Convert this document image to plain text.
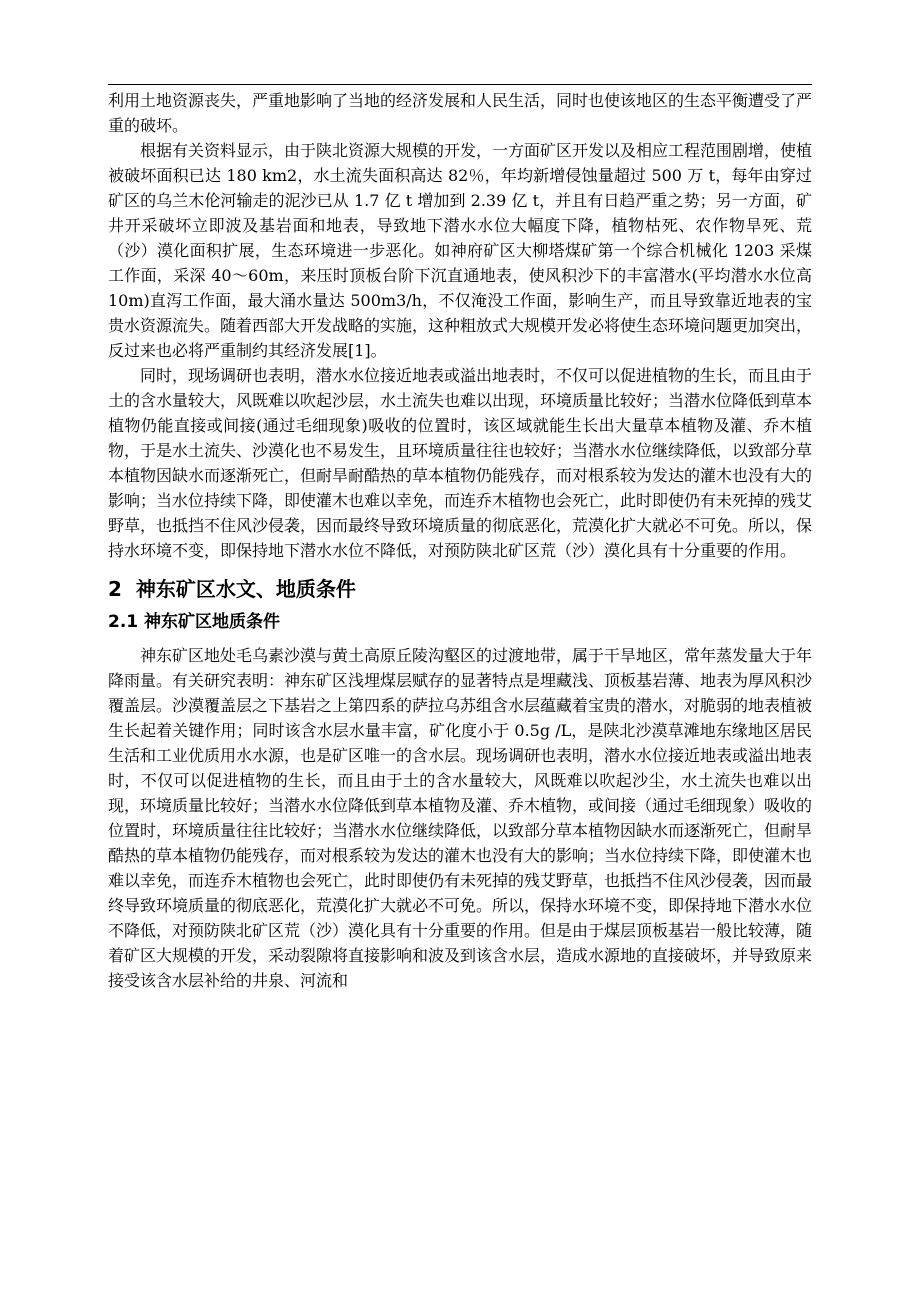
利用土地资源丧失，严重地影响了当地的经济发展和人民生活，同时也使该地区的生态平衡遭受了严重的破坏。

根据有关资料显示，由于陕北资源大规模的开发，一方面矿区开发以及相应工程范围剧增，使植被破坏面积已达 180 km2，水土流失面积高达 82％，年均新增侵蚀量超过 500 万 t，每年由穿过矿区的乌兰木伦河输走的泥沙已从 1.7 亿 t 增加到 2.39 亿 t，并且有日趋严重之势；另一方面，矿井开采破坏立即波及基岩面和地表，导致地下潜水水位大幅度下降，植物枯死、农作物旱死、荒（沙）漠化面积扩展，生态环境进一步恶化。如神府矿区大柳塔煤矿第一个综合机械化 1203 采煤工作面，采深 40～60m，来压时顶板台阶下沉直通地表，使风积沙下的丰富潜水(平均潜水水位高 10m)直泻工作面，最大涌水量达 500m3/h，不仅淹没工作面，影响生产，而且导致靠近地表的宝贵水资源流失。随着西部大开发战略的实施，这种粗放式大规模开发必将使生态环境问题更加突出，反过来也必将严重制约其经济发展[1]。

同时，现场调研也表明，潜水水位接近地表或溢出地表时，不仅可以促进植物的生长，而且由于土的含水量较大，风既难以吹起沙层，水土流失也难以出现，环境质量比较好；当潜水位降低到草本植物仍能直接或间接(通过毛细现象)吸收的位置时，该区域就能生长出大量草本植物及灌、乔木植物，于是水土流失、沙漠化也不易发生，且环境质量往往也较好；当潜水水位继续降低，以致部分草本植物因缺水而逐渐死亡，但耐旱耐酷热的草本植物仍能残存，而对根系较为发达的灌木也没有大的影响；当水位持续下降，即使灌木也难以幸免，而连乔木植物也会死亡，此时即使仍有未死掉的残艾野草，也抵挡不住风沙侵袭，因而最终导致环境质量的彻底恶化，荒漠化扩大就必不可免。所以，保持水环境不变，即保持地下潜水水位不降低，对预防陕北矿区荒（沙）漠化具有十分重要的作用。

2 神东矿区水文、地质条件
2.1 神东矿区地质条件

神东矿区地处毛乌素沙漠与黄土高原丘陵沟壑区的过渡地带，属于干旱地区，常年蒸发量大于年降雨量。有关研究表明：神东矿区浅埋煤层赋存的显著特点是埋藏浅、顶板基岩薄、地表为厚风积沙覆盖层。沙漠覆盖层之下基岩之上第四系的萨拉乌苏组含水层蕴藏着宝贵的潜水，对脆弱的地表植被生长起着关键作用；同时该含水层水量丰富，矿化度小于 0.5g /L，是陕北沙漠草滩地东缘地区居民生活和工业优质用水水源，也是矿区唯一的含水层。现场调研也表明，潜水水位接近地表或溢出地表时，不仅可以促进植物的生长，而且由于土的含水量较大，风既难以吹起沙尘，水土流失也难以出现，环境质量比较好；当潜水水位降低到草本植物及灌、乔木植物，或间接（通过毛细现象）吸收的位置时，环境质量往往比较好；当潜水水位继续降低，以致部分草本植物因缺水而逐渐死亡，但耐旱酷热的草本植物仍能残存，而对根系较为发达的灌木也没有大的影响；当水位持续下降，即使灌木也难以幸免，而连乔木植物也会死亡，此时即使仍有未死掉的残艾野草，也抵挡不住风沙侵袭，因而最终导致环境质量的彻底恶化，荒漠化扩大就必不可免。所以，保持水环境不变，即保持地下潜水水位不降低，对预防陕北矿区荒（沙）漠化具有十分重要的作用。但是由于煤层顶板基岩一般比较薄，随着矿区大规模的开发，采动裂隙将直接影响和波及到该含水层，造成水源地的直接破坏，并导致原来接受该含水层补给的井泉、河流和
